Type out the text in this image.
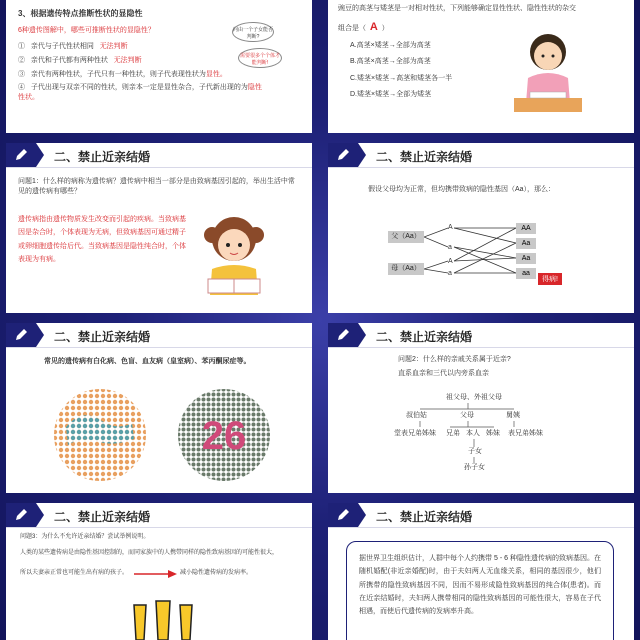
3、根据遗传特点推断性状的显隐性
6种遗传图解中，哪些可推断性状的显隐性？
① 亲代与子代性状相同 无法判断
② 亲代和子代都有两种性状 无法判断
③ 亲代有两种性状，子代只有一种性状，则子代表现性状为显性。
④ 子代出现与双亲不同的性状，则亲本一定是显性杂合，子代新出现的为隐性性状。
问由一个子女能否判断?
需要很多个个体才能判断!
豌豆的高茎与矮茎是一对相对性状，下列能够确定显性性状、隐性性状的杂交
组合是（ A ）
A.高茎×矮茎→全部为高茎
B.高茎×高茎→全部为高茎
C.矮茎×矮茎→高茎和矮茎各一半
D.矮茎×矮茎→全部为矮茎
二、禁止近亲结婚
问题1：什么样的病称为遗传病？遗传病中相当一部分是由致病基因引起的，举出生活中常见的遗传病有哪些？
遗传病指由遗传物质发生改变而引起的疾病。当致病基因是杂合时，个体表现为无病，但致病基因可通过精子或卵细胞遗传给后代。当致病基因是隐性纯合时，个体表现为有病。
二、禁止近亲结婚
假设父母均为正常，但均携带致病的隐性基因（Aa），那么：
父（Aa）
母（Aa）
A
a
A
a
AA
Aa
Aa
aa
得病!
二、禁止近亲结婚
常见的遗传病有白化病、色盲、血友病（皇室病）、苯丙酮尿症等。
26
二、禁止近亲结婚
问题2：什么样的亲戚关系属于近亲?
直系血亲和三代以内旁系血亲
祖父母、外祖父母
叔伯姑	父母	舅姨
堂表兄弟姊妹 兄弟 本人 姊妹 表兄弟姊妹
子女
孙子女
二、禁止近亲结婚
问题3：为什么不允许近亲结婚？尝试举例说明。
人类的某些遗传病是由隐性基因控制的，而同家族中的人携带同样的隐性致病基因的可能性很大，
所以夫妻亲正常也可能生出有病的孩子。	减小隐性遗传病的发病率。
二、禁止近亲结婚
据世界卫生组织估计，人群中每个人约携带 5 - 6 种隐性遗传病的致病基因。在随机婚配(非近亲婚配)时，由于夫妇两人无血缘关系，相同的基因很少，他们所携带的隐性致病基因不同，因而不易形成隐性致病基因的纯合体(患者)。而在近亲结婚时，夫妇两人携带相同的隐性致病基因的可能性很大，容易在子代相遇，而使后代遗传病的发病率升高。
